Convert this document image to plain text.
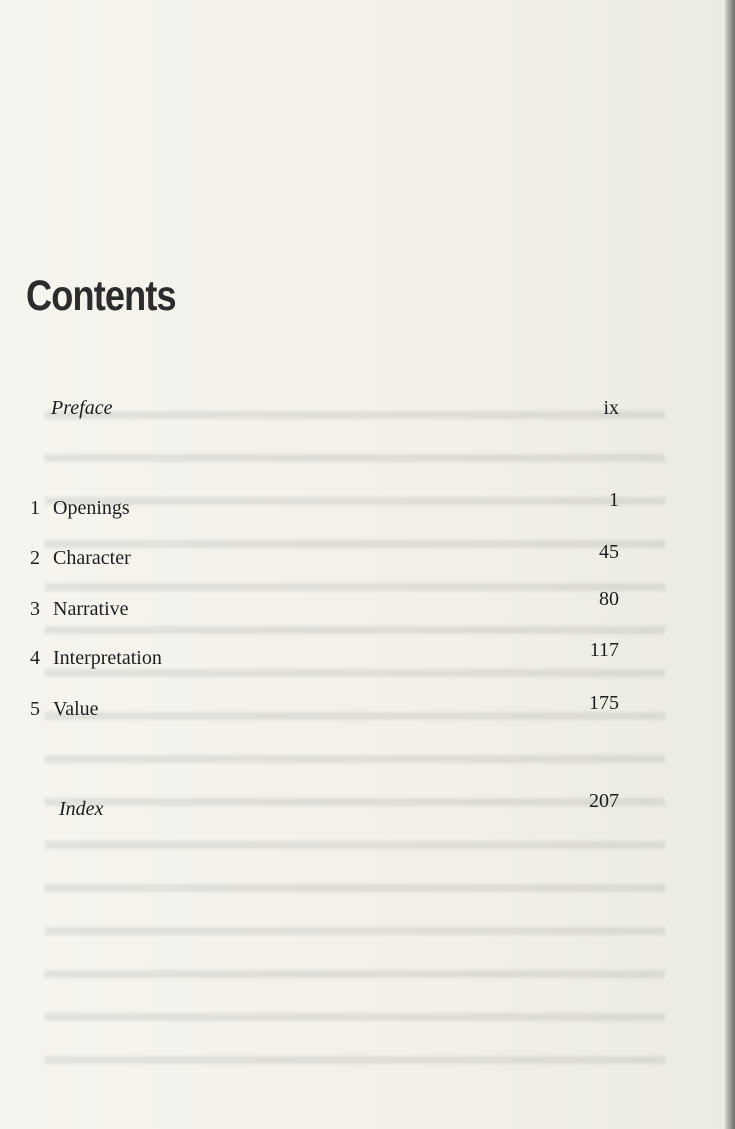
Contents
Preface	ix
1 Openings	1
2 Character	45
3 Narrative	80
4 Interpretation	117
5 Value	175
Index	207
